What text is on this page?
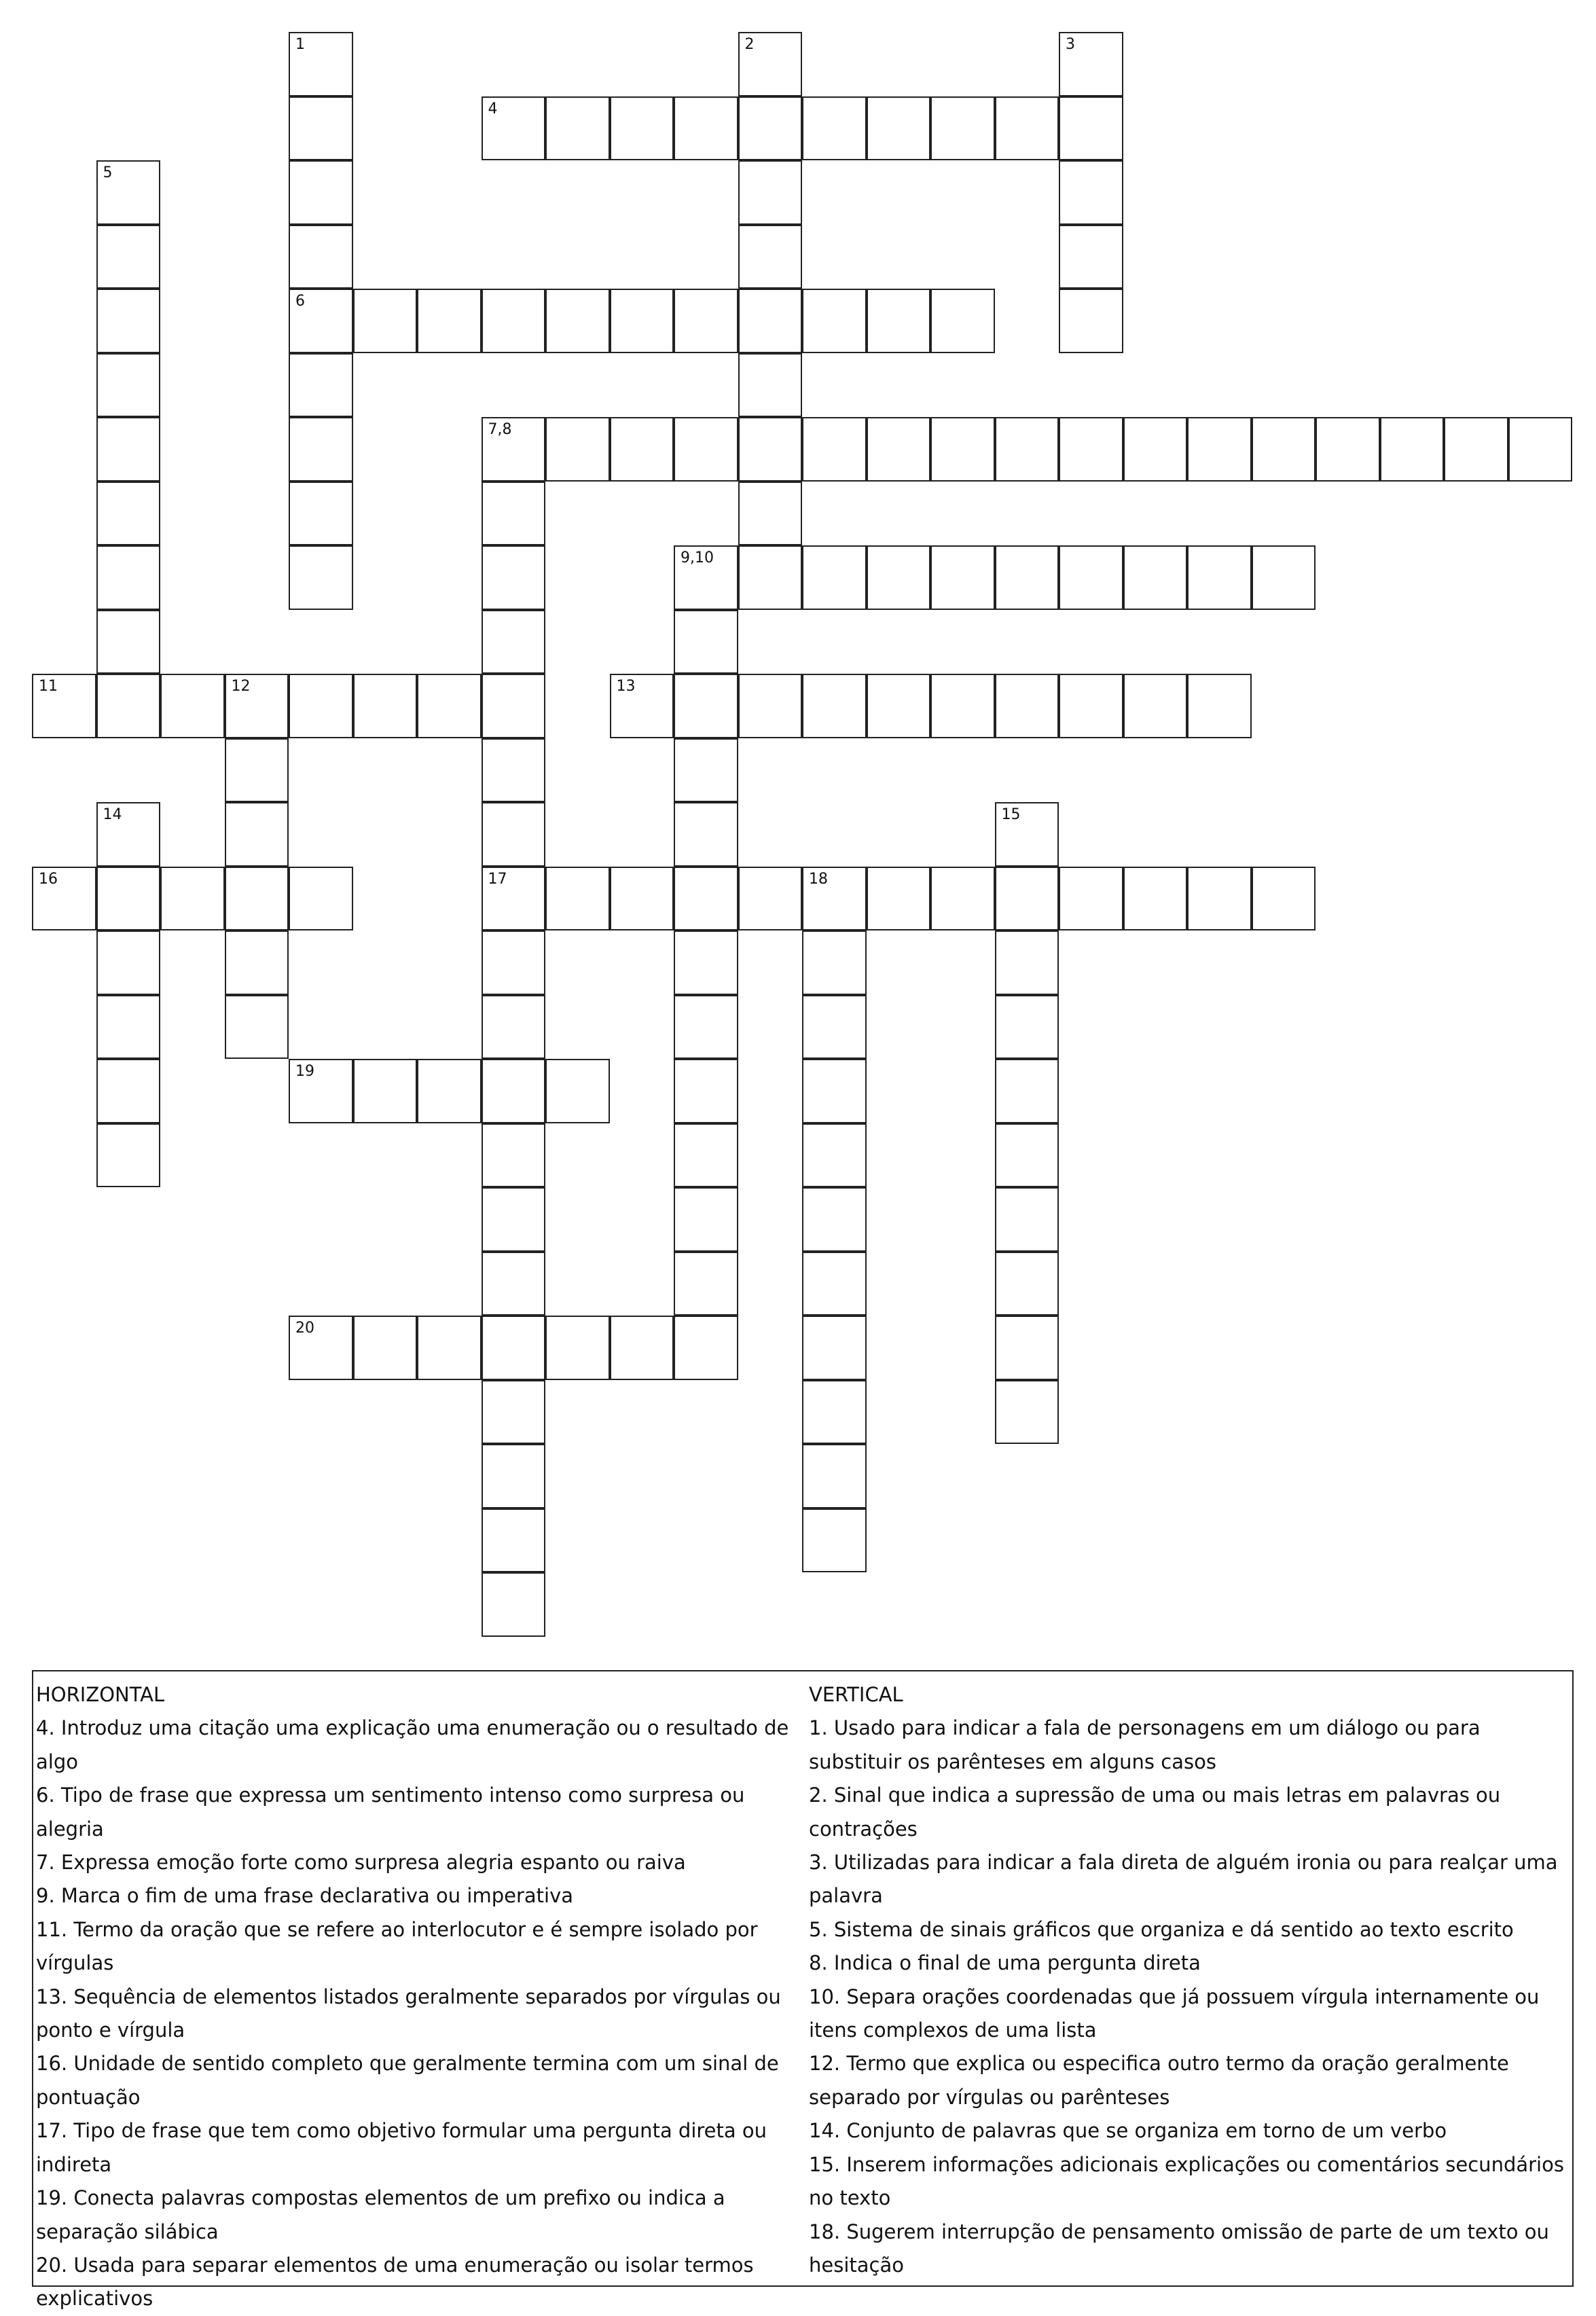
1	2	3
4
5
6
7,8
9,10
11	12	13
14	15
16	17	18
19
20

HORIZONTAL

4. Introduz uma citação uma explicação uma enumeração ou o resultado de algo

6. Tipo de frase que expressa um sentimento intenso como surpresa ou alegria

7. Expressa emoção forte como surpresa alegria espanto ou raiva

9. Marca o fim de uma frase declarativa ou imperativa

11. Termo da oração que se refere ao interlocutor e é sempre isolado por vírgulas

13. Sequência de elementos listados geralmente separados por vírgulas ou ponto e vírgula

16. Unidade de sentido completo que geralmente termina com um sinal de pontuação

17. Tipo de frase que tem como objetivo formular uma pergunta direta ou indireta

19. Conecta palavras compostas elementos de um prefixo ou indica a separação silábica

20. Usada para separar elementos de uma enumeração ou isolar termos explicativos

VERTICAL

1. Usado para indicar a fala de personagens em um diálogo ou para substituir os parênteses em alguns casos

2. Sinal que indica a supressão de uma ou mais letras em palavras ou contrações

3. Utilizadas para indicar a fala direta de alguém ironia ou para realçar uma palavra

5. Sistema de sinais gráficos que organiza e dá sentido ao texto escrito

8. Indica o final de uma pergunta direta

10. Separa orações coordenadas que já possuem vírgula internamente ou itens complexos de uma lista

12. Termo que explica ou especifica outro termo da oração geralmente separado por vírgulas ou parênteses

14. Conjunto de palavras que se organiza em torno de um verbo

15. Inserem informações adicionais explicações ou comentários secundários no texto

18. Sugerem interrupção de pensamento omissão de parte de um texto ou hesitação
